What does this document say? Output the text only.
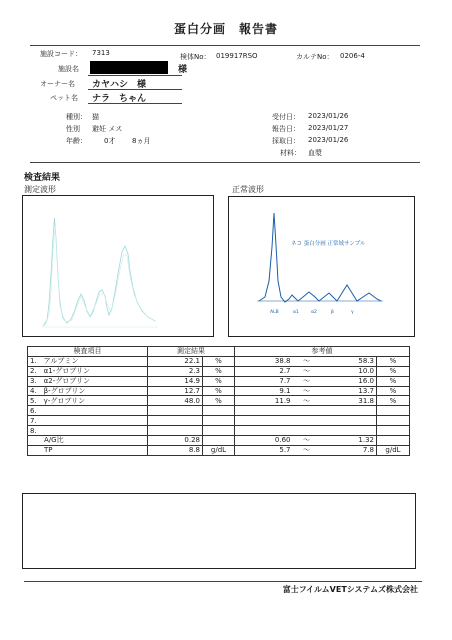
蛋白分画　報告書
施設コード： 7313	検体No： 019917RSO	カルテNo： 0206-4
施設名	様
オーナー名 カヤハシ　様
ペット名 ナラ　ちゃん
種別： 猫
性別 避妊 メス
年齢： 0才 8ヵ月
受付日： 2023/01/26
報告日： 2023/01/27
採取日： 2023/01/26
材料： 血漿
検査結果
測定波形	正常波形
ネコ 蛋白分画 正常域サンプル
ALB	α1	α2	β	γ
検査項目	測定結果		参考値			
1.　アルブミン	22.1	%	38.8	～	58.3	%
2.　α1-グロブリン	2.3	%	2.7	～	10.0	%
3.　α2-グロブリン	14.9	%	7.7	～	16.0	%
4.　β-グロブリン	12.7	%	9.1	～	13.7	%
5.　γ-グロブリン	48.0	%	11.9	～	31.8	%
6.						
7.						
8.						
　　A/G比	0.28		0.60	～	1.32	
　　TP	8.8	g/dL	5.7	～	7.8	g/dL
富士フイルムVETシステムズ株式会社
